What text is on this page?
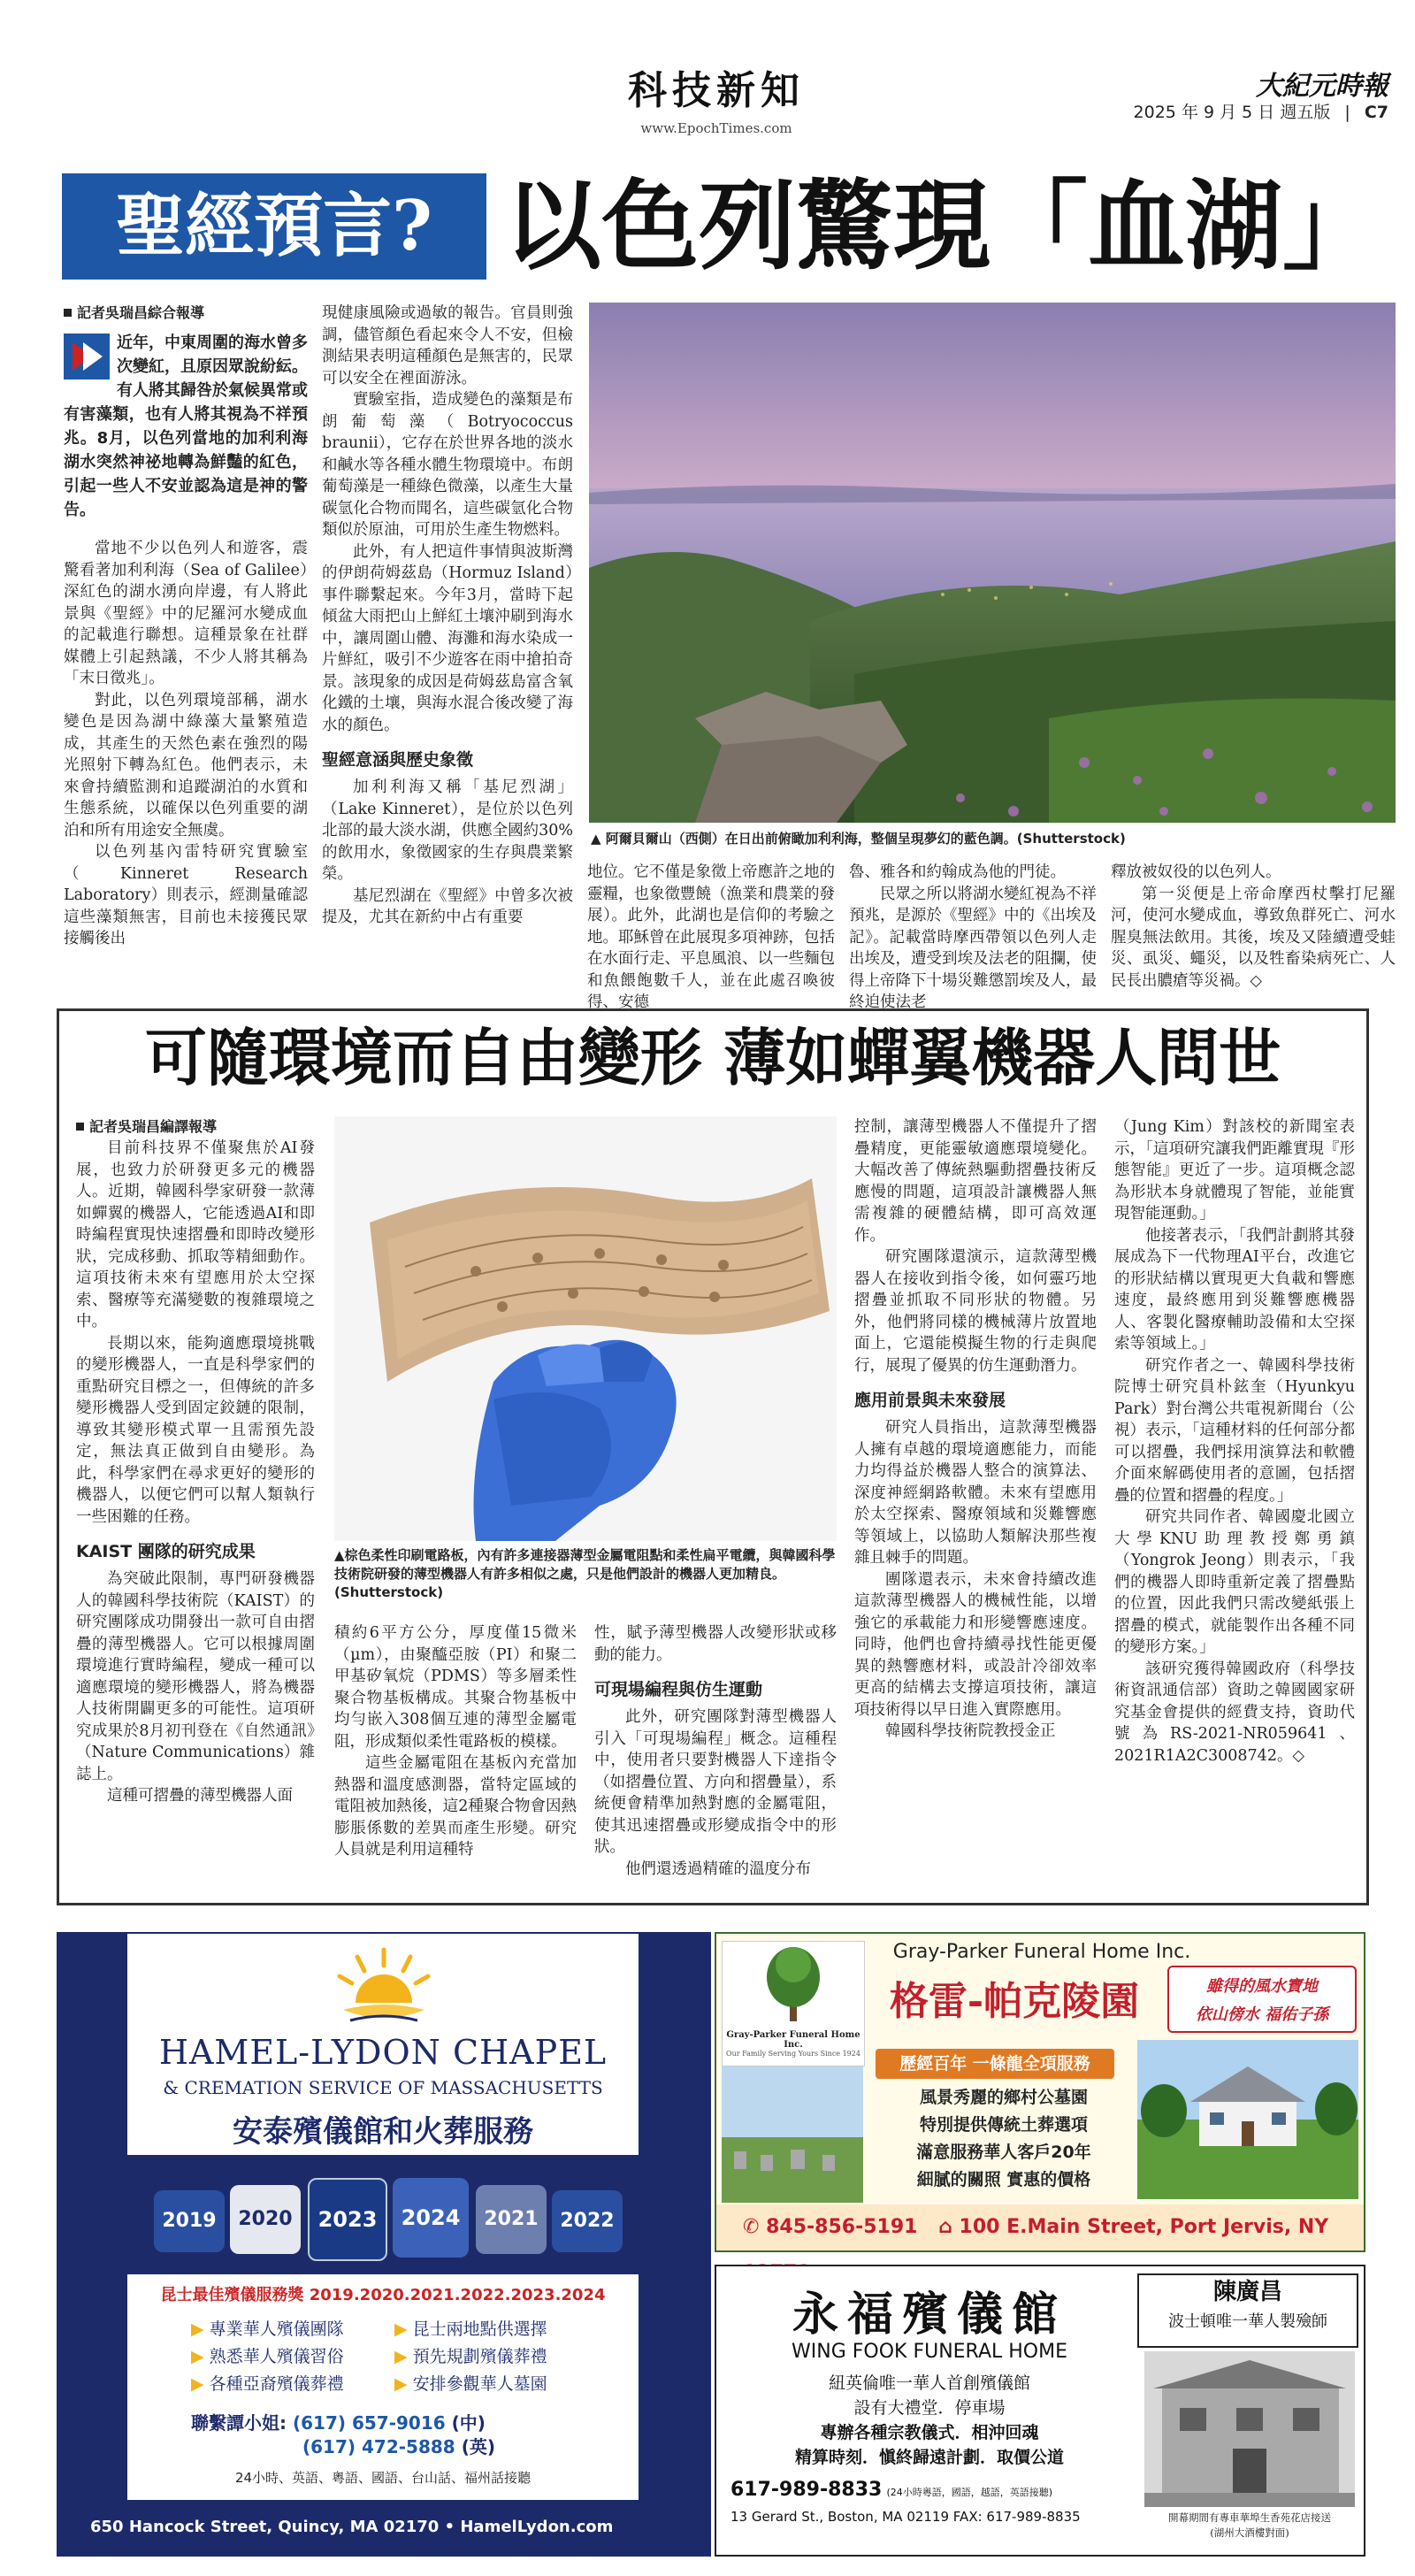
科技新知
www.EpochTimes.com
大紀元時報
2025 年 9 月 5 日 週五版 | C7
聖經預言? 以色列驚現「血湖」
記者吳瑞昌綜合報導
近年，中東周圍的海水曾多次變紅，且原因眾說紛紜。有人將其歸咎於氣候異常或有害藻類，也有人將其視為不祥預兆。8月，以色列當地的加利利海湖水突然神祕地轉為鮮豔的紅色，引起一些人不安並認為這是神的警告。

當地不少以色列人和遊客，震驚看著加利利海（Sea of Galilee）深紅色的湖水湧向岸邊，有人將此景與《聖經》中的尼羅河水變成血的記載進行聯想。這種景象在社群媒體上引起熱議，不少人將其稱為「末日徵兆」。

對此，以色列環境部稱，湖水變色是因為湖中綠藻大量繁殖造成，其產生的天然色素在強烈的陽光照射下轉為紅色。他們表示，未來會持續監測和追蹤湖泊的水質和生態系統，以確保以色列重要的湖泊和所有用途安全無虞。

以色列基內雷特研究實驗室（Kinneret Research Laboratory）則表示，經測量確認這些藻類無害，目前也未接獲民眾接觸後出

現健康風險或過敏的報告。官員則強調，儘管顏色看起來令人不安，但檢測結果表明這種顏色是無害的，民眾可以安全在裡面游泳。

實驗室指，造成變色的藻類是布朗葡萄藻（Botryococcus braunii），它存在於世界各地的淡水和鹹水等各種水體生物環境中。布朗葡萄藻是一種綠色微藻，以產生大量碳氫化合物而聞名，這些碳氫化合物類似於原油，可用於生產生物燃料。

此外，有人把這件事情與波斯灣的伊朗荷姆茲島（Hormuz Island）事件聯繫起來。今年3月，當時下起傾盆大雨把山上鮮紅土壤沖刷到海水中，讓周圍山體、海灘和海水染成一片鮮紅，吸引不少遊客在雨中搶拍奇景。該現象的成因是荷姆茲島富含氧化鐵的土壤，與海水混合後改變了海水的顏色。

聖經意涵與歷史象徵

加利利海又稱「基尼烈湖」（Lake Kinneret），是位於以色列北部的最大淡水湖，供應全國約30%的飲用水，象徵國家的生存與農業繁榮。

基尼烈湖在《聖經》中曾多次被提及，尤其在新約中占有重要

▲ 阿爾貝爾山（西側）在日出前俯瞰加利利海，整個呈現夢幻的藍色調。(Shutterstock)

地位。它不僅是象徵上帝應許之地的靈糧，也象徵豐饒（漁業和農業的發展）。此外，此湖也是信仰的考驗之地。耶穌曾在此展現多項神跡，包括在水面行走、平息風浪、以一些麵包和魚餵飽數千人，並在此處召喚彼得、安德

魯、雅各和約翰成為他的門徒。

民眾之所以將湖水變紅視為不祥預兆，是源於《聖經》中的《出埃及記》。記載當時摩西帶領以色列人走出埃及，遭受到埃及法老的阻攔，使得上帝降下十場災難懲罰埃及人，最終迫使法老

釋放被奴役的以色列人。

第一災便是上帝命摩西杖擊打尼羅河，使河水變成血，導致魚群死亡、河水腥臭無法飲用。其後，埃及又陸續遭受蛙災、虱災、蠅災，以及牲畜染病死亡、人民長出膿瘡等災禍。◇

可隨環境而自由變形 薄如蟬翼機器人問世
記者吳瑞昌編譯報導

目前科技界不僅聚焦於AI發展，也致力於研發更多元的機器人。近期，韓國科學家研發一款薄如蟬翼的機器人，它能透過AI和即時編程實現快速摺疊和即時改變形狀，完成移動、抓取等精細動作。這項技術未來有望應用於太空探索、醫療等充滿變數的複雜環境之中。

長期以來，能夠適應環境挑戰的變形機器人，一直是科學家們的重點研究目標之一，但傳統的許多變形機器人受到固定鉸鏈的限制，導致其變形模式單一且需預先設定，無法真正做到自由變形。為此，科學家們在尋求更好的變形的機器人，以便它們可以幫人類執行一些困難的任務。

KAIST 團隊的研究成果

為突破此限制，專門研發機器人的韓國科學技術院（KAIST）的研究團隊成功開發出一款可自由摺疊的薄型機器人。它可以根據周圍環境進行實時編程，變成一種可以適應環境的變形機器人，將為機器人技術開闢更多的可能性。這項研究成果於8月初刊登在《自然通訊》（Nature Communications）雜誌上。

這種可摺疊的薄型機器人面

▲棕色柔性印刷電路板，內有許多連接器薄型金屬電阻點和柔性扁平電纜，與韓國科學技術院研發的薄型機器人有許多相似之處，只是他們設計的機器人更加精良。(Shutterstock)

積約6平方公分，厚度僅15微米（µm），由聚醯亞胺（PI）和聚二甲基矽氧烷（PDMS）等多層柔性聚合物基板構成。其聚合物基板中均勻嵌入308個互連的薄型金屬電阻，形成類似柔性電路板的模樣。

這些金屬電阻在基板內充當加熱器和溫度感測器，當特定區域的電阻被加熱後，這2種聚合物會因熱膨脹係數的差異而產生形變。研究人員就是利用這種特

性，賦予薄型機器人改變形狀或移動的能力。

可現場編程與仿生運動

此外，研究團隊對薄型機器人引入「可現場編程」概念。這種程中，使用者只要對機器人下達指令（如摺疊位置、方向和摺疊量），系統便會精準加熱對應的金屬電阻，使其迅速摺疊或形變成指令中的形狀。

他們還透過精確的溫度分布

控制，讓薄型機器人不僅提升了摺疊精度，更能靈敏適應環境變化。大幅改善了傳統熱驅動摺疊技術反應慢的問題，這項設計讓機器人無需複雜的硬體結構，即可高效運作。

研究團隊還演示，這款薄型機器人在接收到指令後，如何靈巧地摺疊並抓取不同形狀的物體。另外，他們將同樣的機械薄片放置地面上，它還能模擬生物的行走與爬行，展現了優異的仿生運動潛力。

應用前景與未來發展

研究人員指出，這款薄型機器人擁有卓越的環境適應能力，而能力均得益於機器人整合的演算法、深度神經網路軟體。未來有望應用於太空探索、醫療領域和災難響應等領域上，以協助人類解決那些複雜且棘手的問題。

團隊還表示，未來會持續改進這款薄型機器人的機械性能，以增強它的承載能力和形變響應速度。同時，他們也會持續尋找性能更優異的熱響應材料，或設計冷卻效率更高的結構去支撐這項技術，讓這項技術得以早日進入實際應用。

韓國科學技術院教授金正

（Jung Kim）對該校的新聞室表示，「這項研究讓我們距離實現『形態智能』更近了一步。這項概念認為形狀本身就體現了智能，並能實現智能運動。」

他接著表示，「我們計劃將其發展成為下一代物理AI平台，改進它的形狀結構以實現更大負載和響應速度，最終應用到災難響應機器人、客製化醫療輔助設備和太空探索等領域上。」

研究作者之一、韓國科學技術院博士研究員朴鉉奎（Hyunkyu Park）對台灣公共電視新聞台（公視）表示，「這種材料的任何部分都可以摺疊，我們採用演算法和軟體介面來解碼使用者的意圖，包括摺疊的位置和摺疊的程度。」

研究共同作者、韓國慶北國立大學KNU助理教授鄭勇鎮（Yongrok Jeong）則表示，「我們的機器人即時重新定義了摺疊點的位置，因此我們只需改變紙張上摺疊的模式，就能製作出各種不同的變形方案。」

該研究獲得韓國政府（科學技術資訊通信部）資助之韓國國家研究基金會提供的經費支持，資助代號為RS-2021-NR059641、2021R1A2C3008742。◇

HAMEL-LYDON CHAPEL
& CREMATION SERVICE OF MASSACHUSETTS
安泰殯儀館和火葬服務
2019	2020	2023	2024	2021	2022
昆士最佳殯儀服務獎 2019.2020.2021.2022.2023.2024
▶ 專業華人殯儀團隊	▶ 昆士兩地點供選擇
▶ 熟悉華人殯儀習俗	▶ 預先規劃殯儀葬禮
▶ 各種亞裔殯儀葬禮	▶ 安排參觀華人墓園
聯繫譚小姐: (617) 657-9016 (中)
(617) 472-5888 (英)
24小時、英語、粵語、國語、台山話、福州話接聽
650 Hancock Street, Quincy, MA 02170 • HamelLydon.com
Gray-Parker Funeral Home Inc.
Gray-Parker Funeral Home Inc.
Our Family Serving Yours Since 1924
格雷-帕克陵園	雖得的風水寶地
依山傍水 福佑子孫
歷經百年 一條龍全項服務
風景秀麗的鄉村公墓園
特別提供傳統土葬選項
滿意服務華人客戶20年
細膩的關照 實惠的價格
✆ 845-856-5191 ⌂ 100 E.Main Street, Port Jervis, NY
永福殯儀館	陳廣昌
波士頓唯一華人製殮師
WING FOOK FUNERAL HOME
紐英倫唯一華人首創殯儀館
設有大禮堂．停車場
專辦各種宗教儀式．相沖回魂
精算時刻．愼終歸遠計劃．取價公道
617-989-8833 (24小時粵語，國語，越語，英語接聽)
13 Gerard St., Boston, MA 02119 FAX: 617-989-8835	開幕期間有專車華埠生香苑花店接送
(湖州大酒樓對面)
